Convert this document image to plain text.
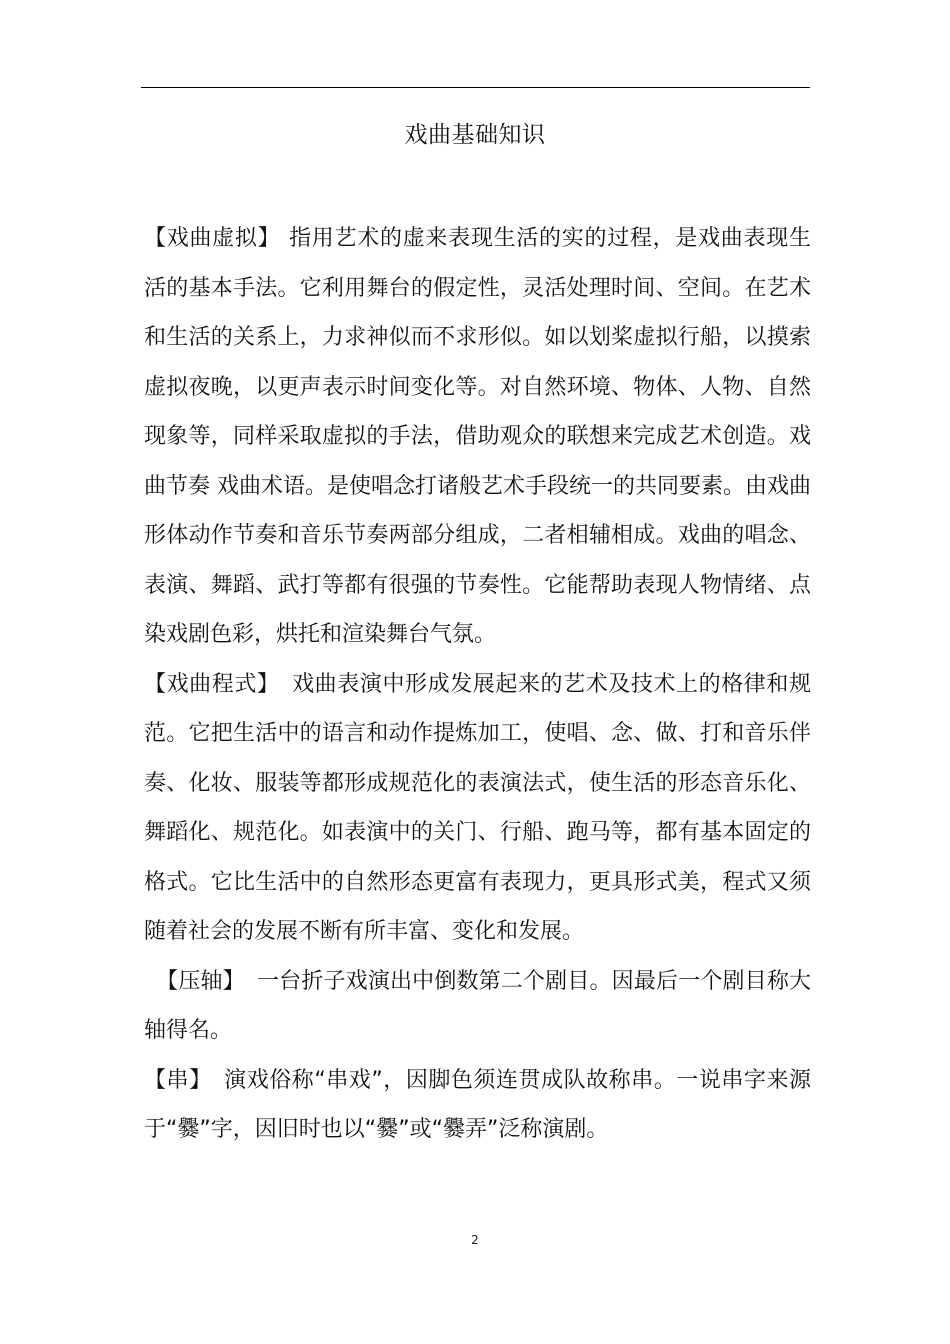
戏曲基础知识

【戏曲虚拟】 指用艺术的虚来表现生活的实的过程，是戏曲表现生活的基本手法。它利用舞台的假定性，灵活处理时间、空间。在艺术和生活的关系上，力求神似而不求形似。如以划桨虚拟行船，以摸索虚拟夜晚，以更声表示时间变化等。对自然环境、物体、人物、自然现象等，同样采取虚拟的手法，借助观众的联想来完成艺术创造。戏曲节奏 戏曲术语。是使唱念打诸般艺术手段统一的共同要素。由戏曲形体动作节奏和音乐节奏两部分组成，二者相辅相成。戏曲的唱念、表演、舞蹈、武打等都有很强的节奏性。它能帮助表现人物情绪、点染戏剧色彩，烘托和渲染舞台气氛。

【戏曲程式】 戏曲表演中形成发展起来的艺术及技术上的格律和规范。它把生活中的语言和动作提炼加工，使唱、念、做、打和音乐伴奏、化妆、服装等都形成规范化的表演法式，使生活的形态音乐化、舞蹈化、规范化。如表演中的关门、行船、跑马等，都有基本固定的格式。它比生活中的自然形态更富有表现力，更具形式美，程式又须随着社会的发展不断有所丰富、变化和发展。

【压轴】 一台折子戏演出中倒数第二个剧目。因最后一个剧目称大轴得名。

【串】 演戏俗称“串戏”，因脚色须连贯成队故称串。一说串字来源于“爨”字，因旧时也以“爨”或“爨弄”泛称演剧。

2
